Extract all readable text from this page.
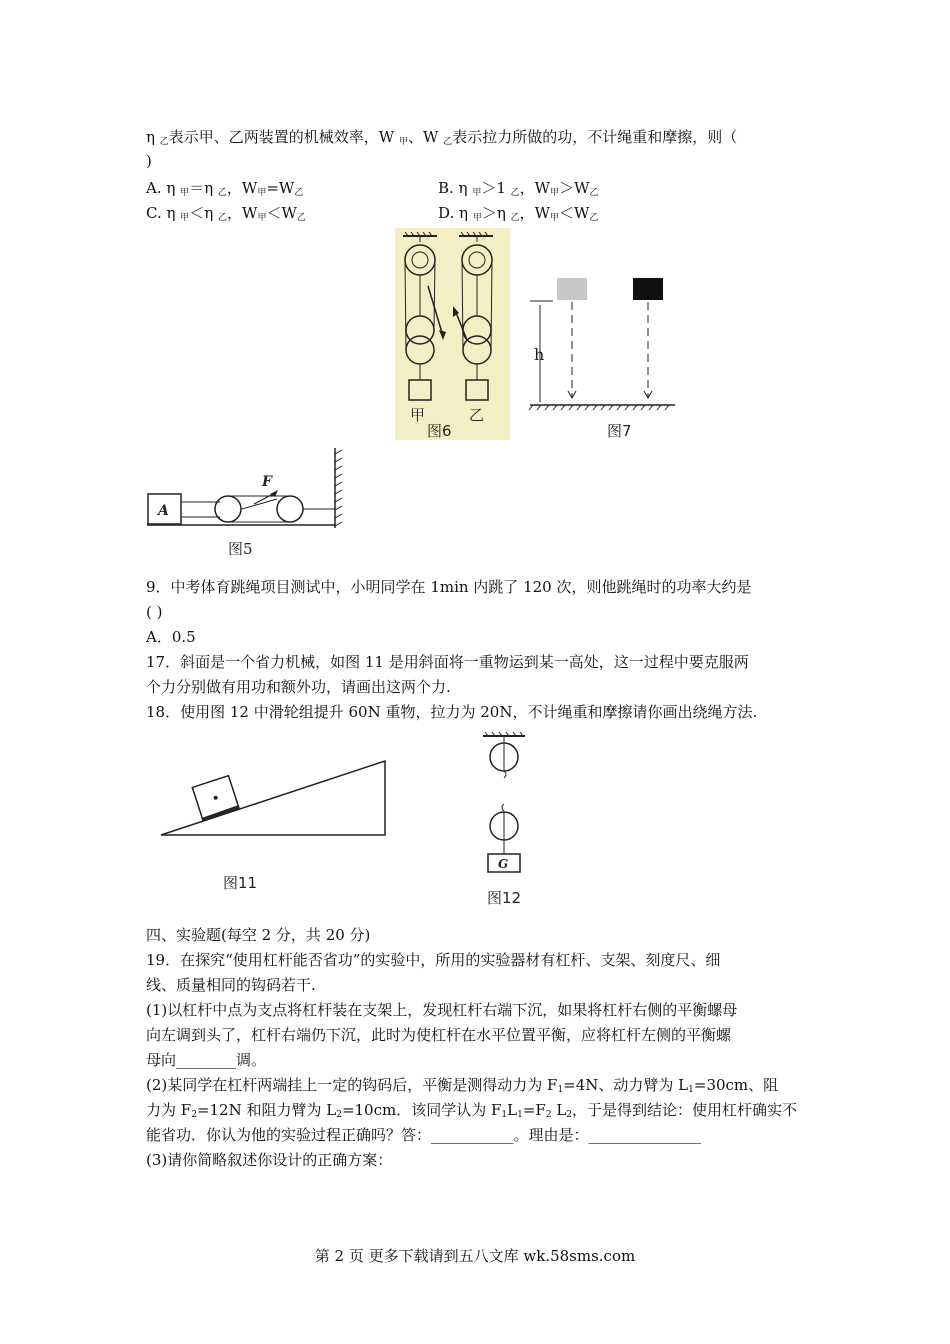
η $_乙$表示甲、乙两装置的机械效率，W $_甲$、W $_乙$表示拉力所做的功，不计绳重和摩擦，则（
)
A. η $_甲$＝η $_乙$，$W_甲=W_乙$	B. η $_甲$＞1 $_乙$，$W_甲>W_乙$
C. η $_甲$＜η $_乙$，$W_甲<W_乙$	D. η $_甲$＞η $_乙$，$W_甲<W_乙$
甲	乙
图6
h
图7
A
F
图5
9．中考体育跳绳项目测试中，小明同学在 1min 内跳了 120 次，则他跳绳时的功率大约是
( )
A．0.5
17．斜面是一个省力机械，如图 11 是用斜面将一重物运到某一高处，这一过程中要克服两
个力分别做有用功和额外功，请画出这两个力.
18．使用图 12 中滑轮组提升 60N 重物，拉力为 20N，不计绳重和摩擦请你画出绕绳方法.
图11
G
图12
四、实验题(每空 2 分，共 20 分)
19．在探究“使用杠杆能否省功”的实验中，所用的实验器材有杠杆、支架、刻度尺、细
线、质量相同的钩码若干.
(1)以杠杆中点为支点将杠杆装在支架上，发现杠杆右端下沉，如果将杠杆右侧的平衡螺母
向左调到头了，杠杆右端仍下沉，此时为使杠杆在水平位置平衡，应将杠杆左侧的平衡螺
母向________调。
(2)某同学在杠杆两端挂上一定的钩码后，平衡是测得动力为 $F_1=4N$、动力臂为 $L_1=30cm$、阻
力为 $F_2=12N$ 和阻力臂为 $L_2=10cm$．该同学认为 $F_1L_1=F_2$ $L_2$，于是得到结论：使用杠杆确实不
能省功．你认为他的实验过程正确吗？答：___________。理由是：_______________
(3)请你简略叙述你设计的正确方案：
第 2 页 更多下载请到五八文库 wk.58sms.com
